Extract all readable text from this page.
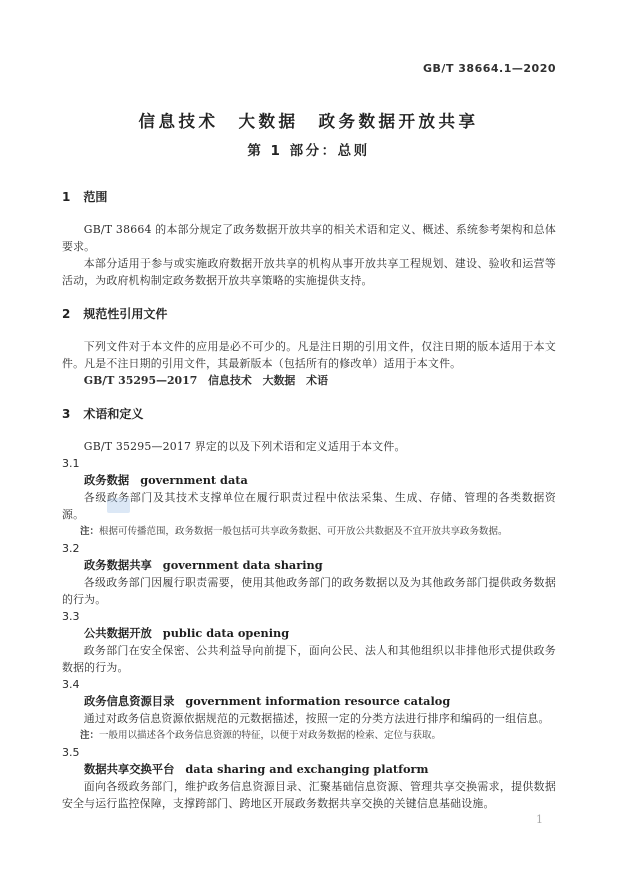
GB/T 38664.1—2020
信息技术　大数据　政务数据开放共享
第 1 部分：总则
1 范围

GB/T 38664 的本部分规定了政务数据开放共享的相关术语和定义、概述、系统参考架构和总体要求。

本部分适用于参与或实施政府数据开放共享的机构从事开放共享工程规划、建设、验收和运营等活动，为政府机构制定政务数据开放共享策略的实施提供支持。

2 规范性引用文件

下列文件对于本文件的应用是必不可少的。凡是注日期的引用文件，仅注日期的版本适用于本文件。凡是不注日期的引用文件，其最新版本（包括所有的修改单）适用于本文件。

GB/T 35295—2017　信息技术　大数据　术语

3 术语和定义

GB/T 35295—2017 界定的以及下列术语和定义适用于本文件。

3.1
政务数据 government data

各级政务部门及其技术支撑单位在履行职责过程中依法采集、生成、存储、管理的各类数据资源。

注：根据可传播范围，政务数据一般包括可共享政务数据、可开放公共数据及不宜开放共享政务数据。

3.2
政务数据共享 government data sharing

各级政务部门因履行职责需要，使用其他政务部门的政务数据以及为其他政务部门提供政务数据的行为。

3.3
公共数据开放 public data opening

政务部门在安全保密、公共利益导向前提下，面向公民、法人和其他组织以非排他形式提供政务数据的行为。

3.4
政务信息资源目录 government information resource catalog

通过对政务信息资源依据规范的元数据描述，按照一定的分类方法进行排序和编码的一组信息。

注：一般用以描述各个政务信息资源的特征，以便于对政务数据的检索、定位与获取。

3.5
数据共享交换平台 data sharing and exchanging platform

面向各级政务部门，维护政务信息资源目录、汇聚基础信息资源、管理共享交换需求，提供数据安全与运行监控保障，支撑跨部门、跨地区开展政务数据共享交换的关键信息基础设施。

1
